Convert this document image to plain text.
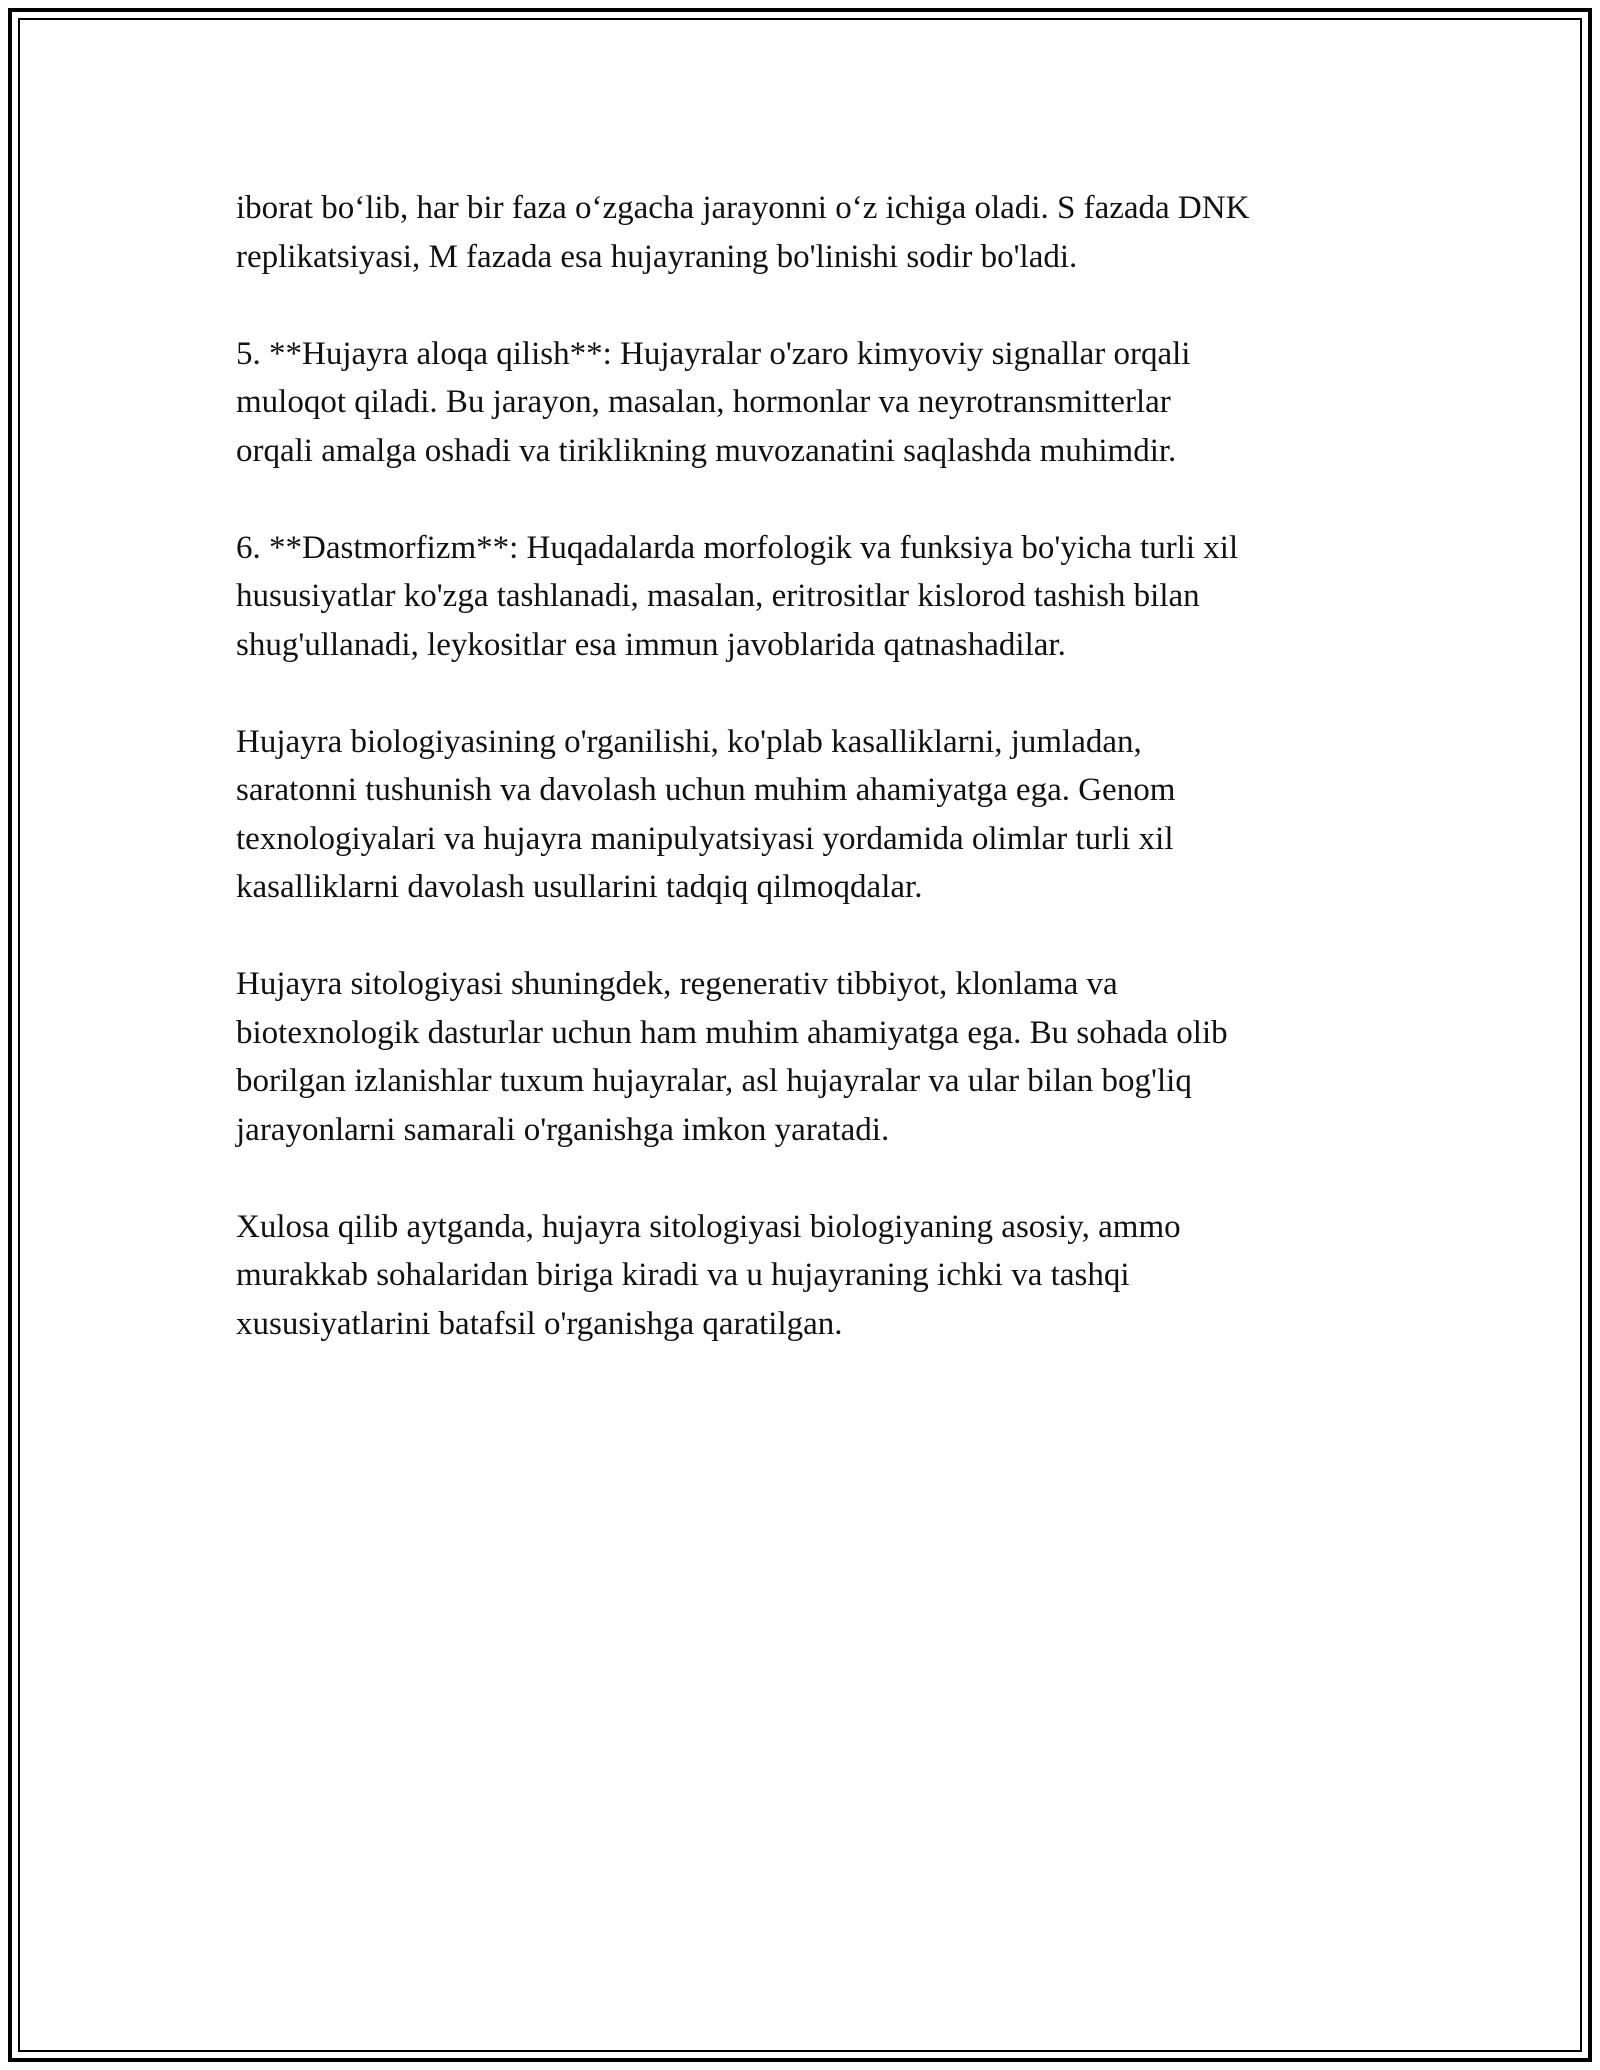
iborat bo‘lib, har bir faza o‘zgacha jarayonni o‘z ichiga oladi. S fazada DNK
replikatsiyasi, M fazada esa hujayraning bo'linishi sodir bo'ladi.

5. **Hujayra aloqa qilish**: Hujayralar o'zaro kimyoviy signallar orqali
muloqot qiladi. Bu jarayon, masalan, hormonlar va neyrotransmitterlar
orqali amalga oshadi va tiriklikning muvozanatini saqlashda muhimdir.

6. **Dastmorfizm**: Huqadalarda morfologik va funksiya bo'yicha turli xil
hususiyatlar ko'zga tashlanadi, masalan, eritrositlar kislorod tashish bilan
shug'ullanadi, leykositlar esa immun javoblarida qatnashadilar.

Hujayra biologiyasining o'rganilishi, ko'plab kasalliklarni, jumladan,
saratonni tushunish va davolash uchun muhim ahamiyatga ega. Genom
texnologiyalari va hujayra manipulyatsiyasi yordamida olimlar turli xil
kasalliklarni davolash usullarini tadqiq qilmoqdalar.

Hujayra sitologiyasi shuningdek, regenerativ tibbiyot, klonlama va
biotexnologik dasturlar uchun ham muhim ahamiyatga ega. Bu sohada olib
borilgan izlanishlar tuxum hujayralar, asl hujayralar va ular bilan bog'liq
jarayonlarni samarali o'rganishga imkon yaratadi.

Xulosa qilib aytganda, hujayra sitologiyasi biologiyaning asosiy, ammo
murakkab sohalaridan biriga kiradi va u hujayraning ichki va tashqi
xususiyatlarini batafsil o'rganishga qaratilgan.
